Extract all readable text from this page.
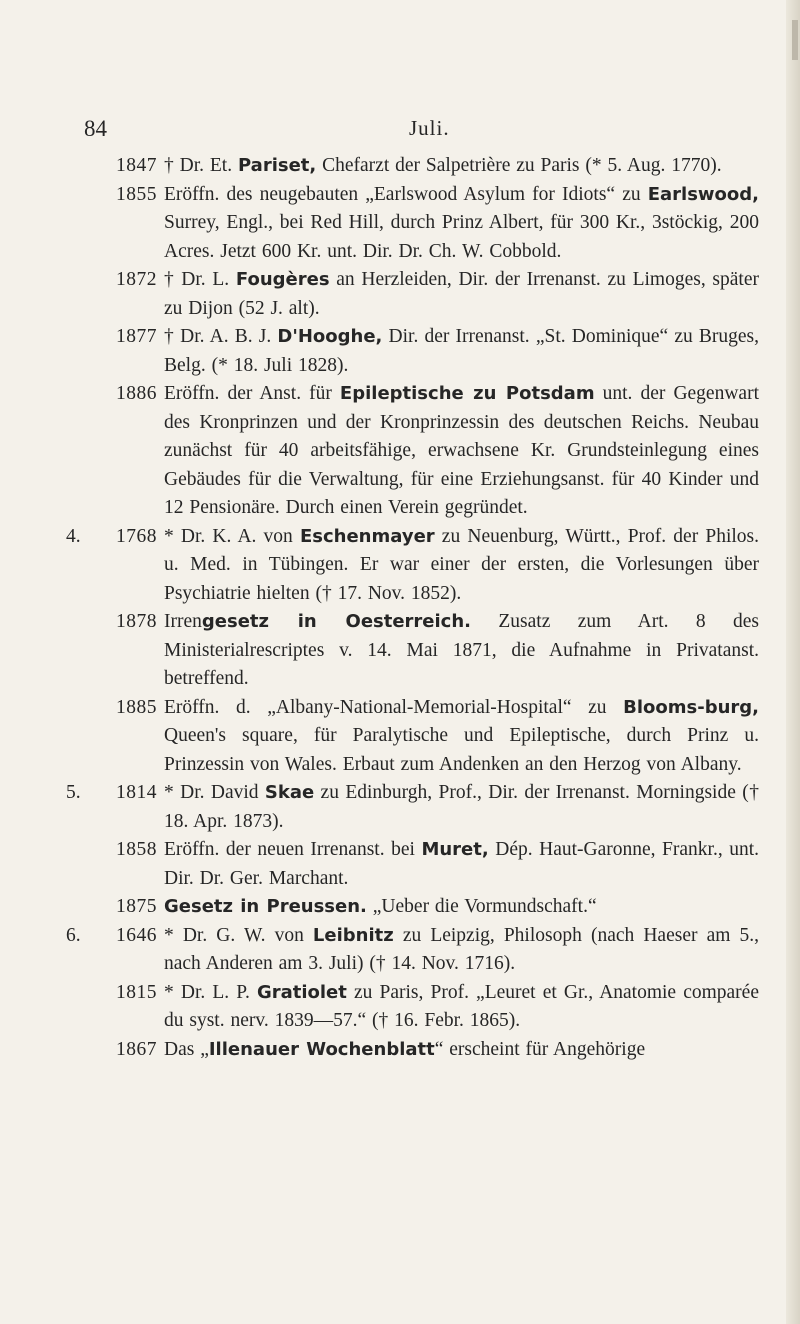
84	Juli.
1847 † Dr. Et. Pariset, Chefarzt der Salpetrière zu Paris (* 5. Aug. 1770).
1855 Eröffn. des neugebauten „Earlswood Asylum for Idiots“ zu Earlswood, Surrey, Engl., bei Red Hill, durch Prinz Albert, für 300 Kr., 3stöckig, 200 Acres. Jetzt 600 Kr. unt. Dir. Dr. Ch. W. Cobbold.
1872 † Dr. L. Fougères an Herzleiden, Dir. der Irrenanst. zu Limoges, später zu Dijon (52 J. alt).
1877 † Dr. A. B. J. D'Hooghe, Dir. der Irrenanst. „St. Dominique“ zu Bruges, Belg. (* 18. Juli 1828).
1886 Eröffn. der Anst. für Epileptische zu Potsdam unt. der Gegenwart des Kronprinzen und der Kronprinzessin des deutschen Reichs. Neubau zunächst für 40 arbeitsfähige, erwachsene Kr. Grundsteinlegung eines Gebäudes für die Verwaltung, für eine Erziehungsanst. für 40 Kinder und 12 Pensionäre. Durch einen Verein gegründet.
4. 1768 * Dr. K. A. von Eschenmayer zu Neuenburg, Württ., Prof. der Philos. u. Med. in Tübingen. Er war einer der ersten, die Vorlesungen über Psychiatrie hielten († 17. Nov. 1852).
1878 Irrengesetz in Oesterreich. Zusatz zum Art. 8 des Ministerialrescriptes v. 14. Mai 1871, die Aufnahme in Privatanst. betreffend.
1885 Eröffn. d. „Albany-National-Memorial-Hospital“ zu Blooms-burg, Queen's square, für Paralytische und Epileptische, durch Prinz u. Prinzessin von Wales. Erbaut zum Andenken an den Herzog von Albany.
5. 1814 * Dr. David Skae zu Edinburgh, Prof., Dir. der Irrenanst. Morningside († 18. Apr. 1873).
1858 Eröffn. der neuen Irrenanst. bei Muret, Dép. Haut-Garonne, Frankr., unt. Dir. Dr. Ger. Marchant.
1875 Gesetz in Preussen. „Ueber die Vormundschaft.“
6. 1646 * Dr. G. W. von Leibnitz zu Leipzig, Philosoph (nach Haeser am 5., nach Anderen am 3. Juli) († 14. Nov. 1716).
1815 * Dr. L. P. Gratiolet zu Paris, Prof. „Leuret et Gr., Anatomie comparée du syst. nerv. 1839—57.“ († 16. Febr. 1865).
1867 Das „Illenauer Wochenblatt“ erscheint für Angehörige
